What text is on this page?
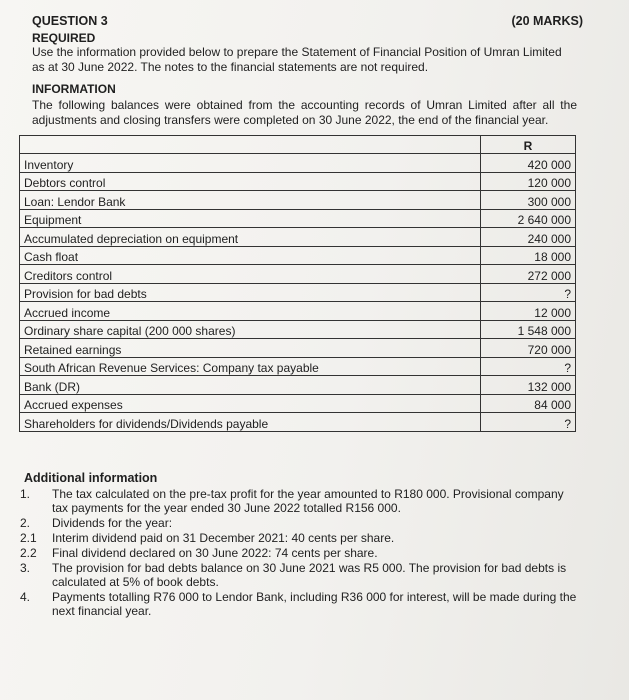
QUESTION 3	(20 MARKS)
REQUIRED
Use the information provided below to prepare the Statement of Financial Position of Umran Limited as at 30 June 2022. The notes to the financial statements are not required.
INFORMATION
The following balances were obtained from the accounting records of Umran Limited after all the adjustments and closing transfers were completed on 30 June 2022, the end of the financial year.
	R
Inventory	420 000
Debtors control	120 000
Loan: Lendor Bank	300 000
Equipment	2 640 000
Accumulated depreciation on equipment	240 000
Cash float	18 000
Creditors control	272 000
Provision for bad debts	?
Accrued income	12 000
Ordinary share capital (200 000 shares)	1 548 000
Retained earnings	720 000
South African Revenue Services: Company tax payable	?
Bank (DR)	132 000
Accrued expenses	84 000
Shareholders for dividends/Dividends payable	?
Additional information
1.	The tax calculated on the pre-tax profit for the year amounted to R180 000. Provisional company tax payments for the year ended 30 June 2022 totalled R156 000.
2.	Dividends for the year:
2.1	Interim dividend paid on 31 December 2021: 40 cents per share.
2.2	Final dividend declared on 30 June 2022: 74 cents per share.
3.	The provision for bad debts balance on 30 June 2021 was R5 000. The provision for bad debts is calculated at 5% of book debts.
4.	Payments totalling R76 000 to Lendor Bank, including R36 000 for interest, will be made during the next financial year.
